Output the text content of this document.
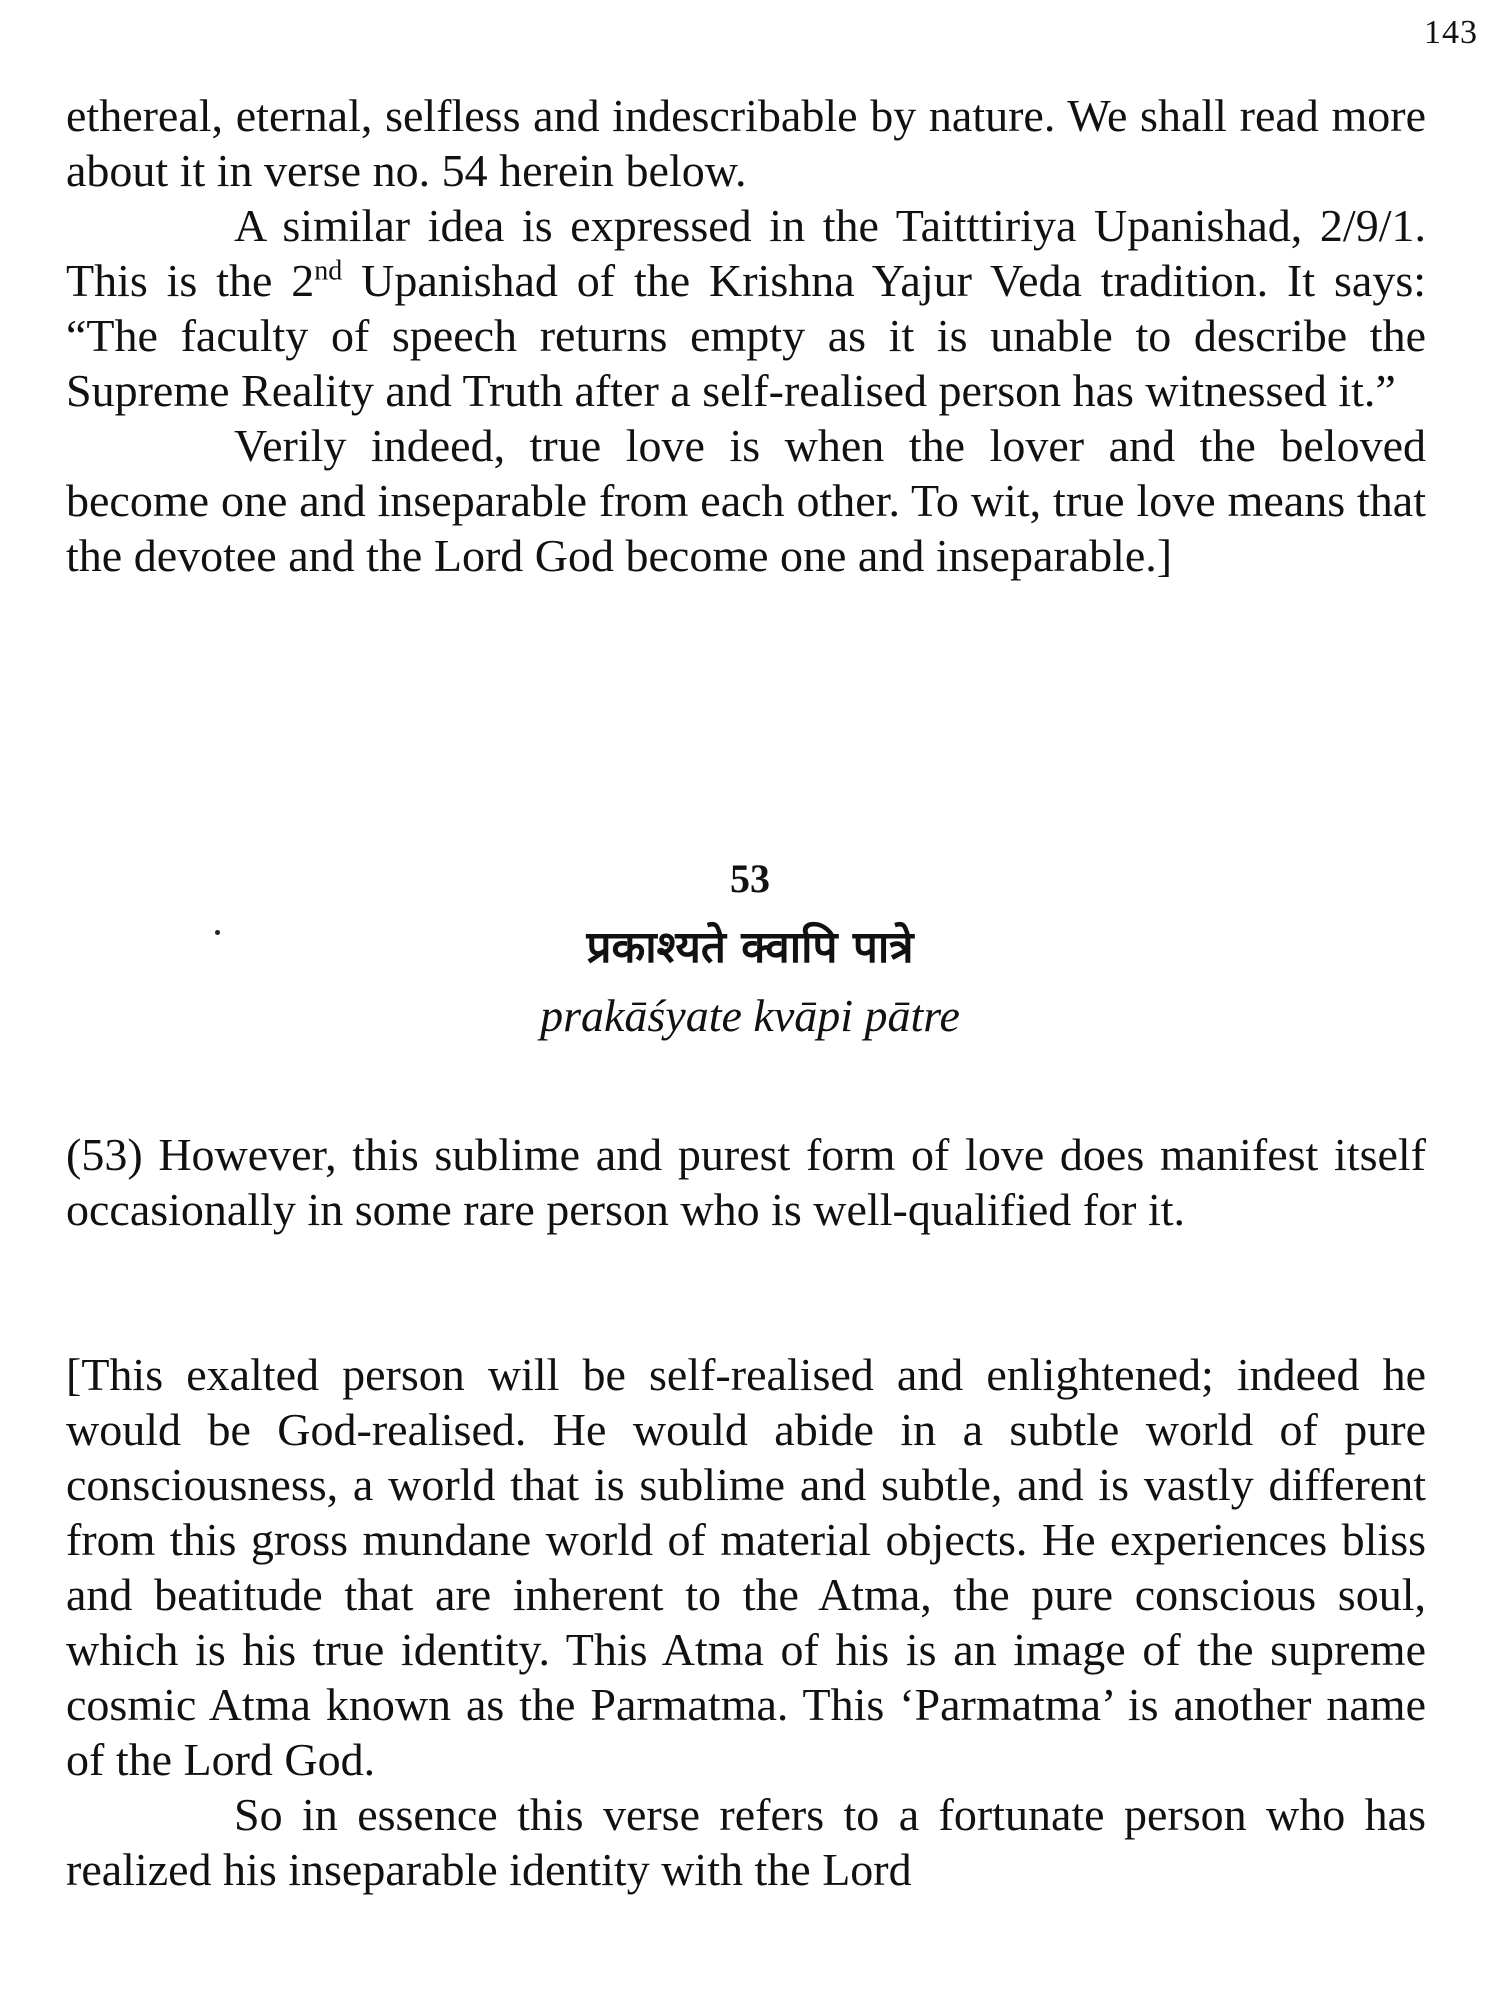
143

ethereal, eternal, selfless and indescribable by nature. We shall read more about it in verse no. 54 herein below.

A similar idea is expressed in the Taitttiriya Upanishad, 2/9/1. This is the 2nd Upanishad of the Krishna Yajur Veda tradition. It says: “The faculty of speech returns empty as it is unable to describe the Supreme Reality and Truth after a self-realised person has witnessed it.”

Verily indeed, true love is when the lover and the beloved become one and inseparable from each other. To wit, true love means that the devotee and the Lord God become one and inseparable.]

53
प्रकाश्यते क्वापि पात्रे
prakāśyate kvāpi pātre

(53) However, this sublime and purest form of love does manifest itself occasionally in some rare person who is well-qualified for it.

[This exalted person will be self-realised and enlightened; indeed he would be God-realised. He would abide in a subtle world of pure consciousness, a world that is sublime and subtle, and is vastly different from this gross mundane world of material objects. He experiences bliss and beatitude that are inherent to the Atma, the pure conscious soul, which is his true identity. This Atma of his is an image of the supreme cosmic Atma known as the Parmatma. This ‘Parmatma’ is another name of the Lord God.

So in essence this verse refers to a fortunate person who has realized his inseparable identity with the Lord
